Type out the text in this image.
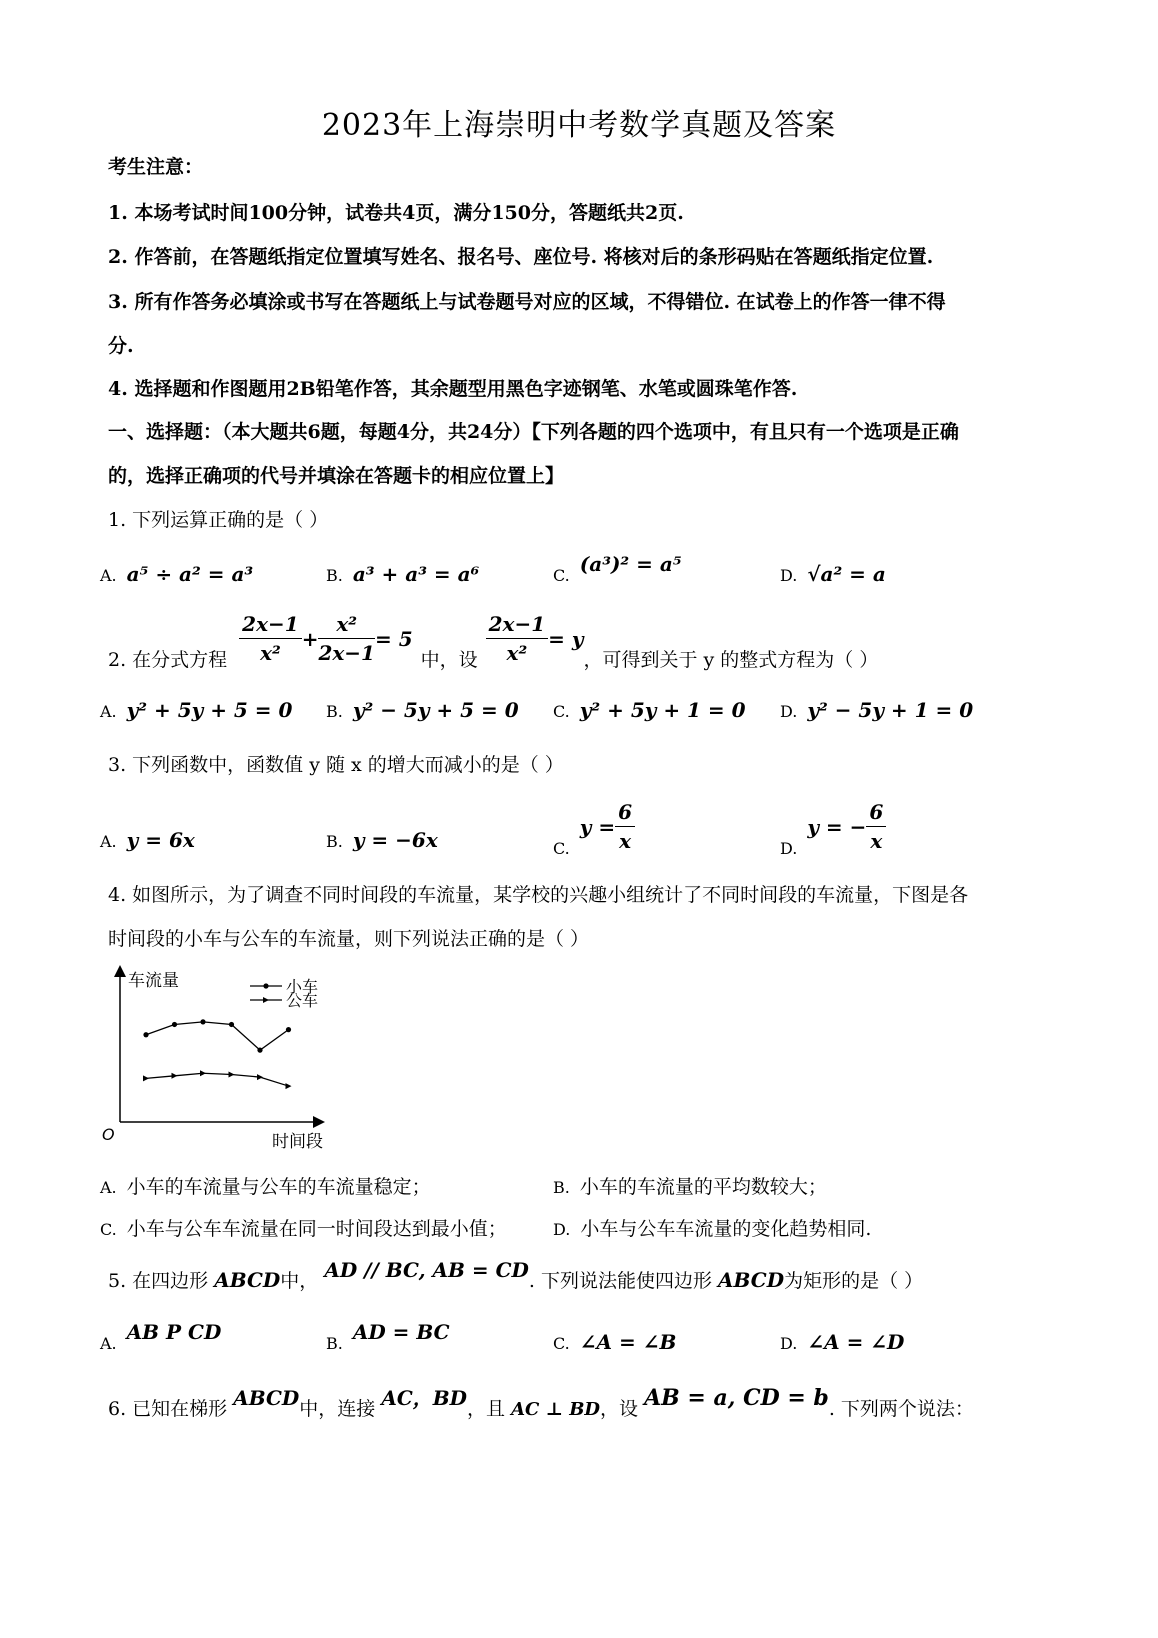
2023年上海崇明中考数学真题及答案
考生注意：
1. 本场考试时间100分钟，试卷共4页，满分150分，答题纸共2页.
2. 作答前，在答题纸指定位置填写姓名、报名号、座位号. 将核对后的条形码贴在答题纸指定位置.
3. 所有作答务必填涂或书写在答题纸上与试卷题号对应的区域，不得错位. 在试卷上的作答一律不得
分.
4. 选择题和作图题用2B铅笔作答，其余题型用黑色字迹钢笔、水笔或圆珠笔作答.
一、选择题：（本大题共6题，每题4分，共24分）【下列各题的四个选项中，有且只有一个选项是正确
的，选择正确项的代号并填涂在答题卡的相应位置上】
1. 下列运算正确的是（ ）
A. a⁵ ÷ a² = a³	B. a³ + a³ = a⁶	C. (a³)² = a⁵	D. √a² = a
2. 在分式方程 $\frac{2x-1}{\text{x²}} + \frac{\text{x²}}{2x-1} = 5$
中，设 $\frac{2x-1}{\text{x²}} = y$
，可得到关于 y 的整式方程为（ ）
A. y² + 5y + 5 = 0 B. y² − 5y + 5 = 0 C. y² + 5y + 1 = 0 D. y² − 5y + 1 = 0
3. 下列函数中，函数值 y 随 x 的增大而减小的是（ ）
A. y = 6x	B. y = −6x	C.
$y = \frac{6}{x}$	D.
y = − $\frac{6}{x}$
4. 如图所示，为了调查不同时间段的车流量，某学校的兴趣小组统计了不同时间段的车流量，下图是各
时间段的小车与公车的车流量，则下列说法正确的是（ ）
车流量
时间段
O
小车
公车
A. 小车的车流量与公车的车流量稳定；	B. 小车的车流量的平均数较大；
C. 小车与公车车流量在同一时间段达到最小值；	D. 小车与公车车流量的变化趋势相同.
5. 在四边形 ABCD中， AD // BC, AB = CD. 下列说法能使四边形 ABCD为矩形的是（ ）
A. AB P CD	B. AD = BC	C. ∠A = ∠B	D. ∠A = ∠D
6. 已知在梯形 ABCD中，连接 AC，BD，且 AC ⊥ BD，设 AB = a, CD = b. 下列两个说法：
